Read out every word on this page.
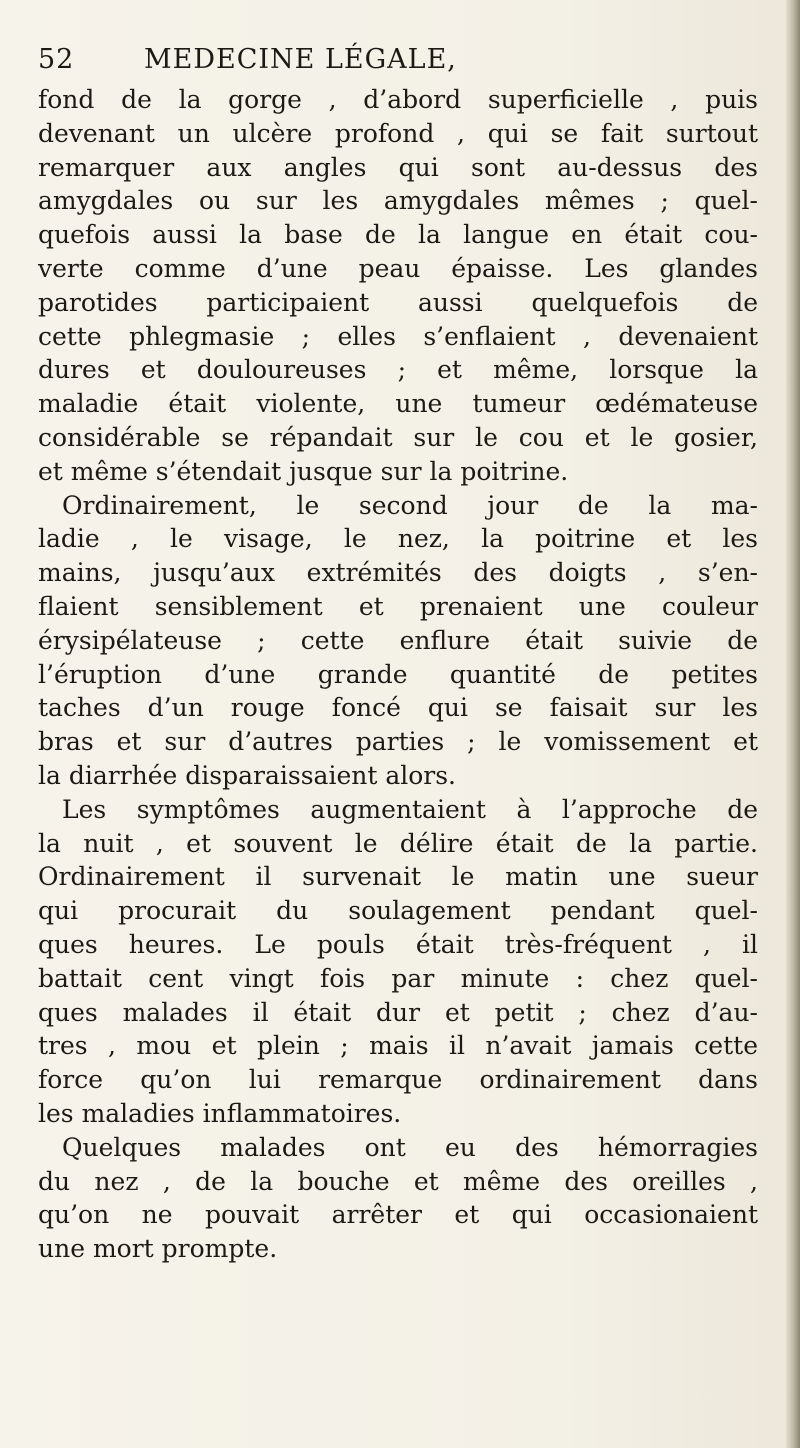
52	MEDECINE LÉGALE,
fond de la gorge , d’abord superficielle , puis
devenant un ulcère profond , qui se fait surtout
remarquer aux angles qui sont au-dessus des
amygdales ou sur les amygdales mêmes ; quel-
quefois aussi la base de la langue en était cou-
verte comme d’une peau épaisse. Les glandes
parotides participaient aussi quelquefois de
cette phlegmasie ; elles s’enflaient , devenaient
dures et douloureuses ; et même, lorsque la
maladie était violente, une tumeur œdémateuse
considérable se répandait sur le cou et le gosier,
et même s’étendait jusque sur la poitrine.
Ordinairement, le second jour de la ma-
ladie , le visage, le nez, la poitrine et les
mains, jusqu’aux extrémités des doigts , s’en-
flaient sensiblement et prenaient une couleur
érysipélateuse ; cette enflure était suivie de
l’éruption d’une grande quantité de petites
taches d’un rouge foncé qui se faisait sur les
bras et sur d’autres parties ; le vomissement et
la diarrhée disparaissaient alors.
Les symptômes augmentaient à l’approche de
la nuit , et souvent le délire était de la partie.
Ordinairement il survenait le matin une sueur
qui procurait du soulagement pendant quel-
ques heures. Le pouls était très-fréquent , il
battait cent vingt fois par minute : chez quel-
ques malades il était dur et petit ; chez d’au-
tres , mou et plein ; mais il n’avait jamais cette
force qu’on lui remarque ordinairement dans
les maladies inflammatoires.
Quelques malades ont eu des hémorragies
du nez , de la bouche et même des oreilles ,
qu’on ne pouvait arrêter et qui occasionaient
une mort prompte.
